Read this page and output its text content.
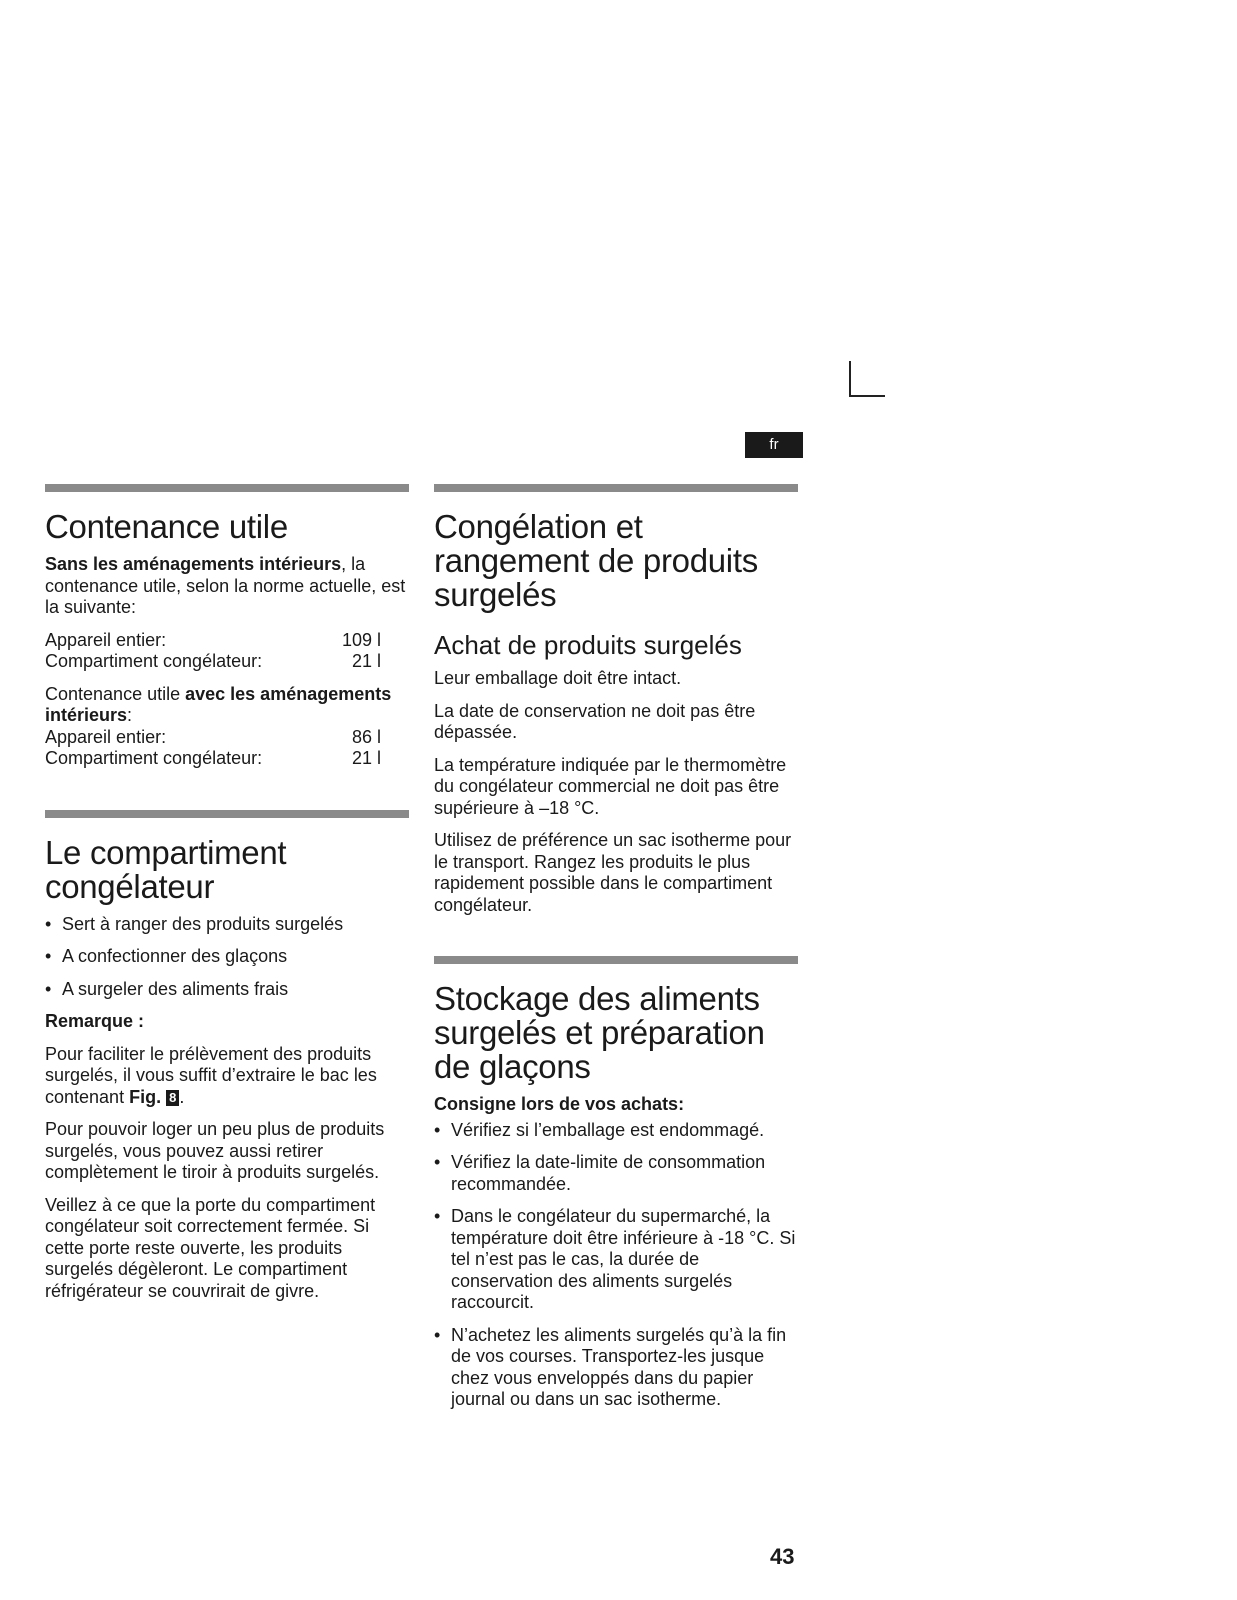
fr
Contenance utile

Sans les aménagements intérieurs, la contenance utile, selon la norme actuelle, est la suivante:

Appareil entier:	109 l
Compartiment congélateur:	21 l
Contenance utile avec les aménagements intérieurs:
Appareil entier:	86 l
Compartiment congélateur:	21 l
Le compartiment congélateur
• Sert à ranger des produits surgelés
• A confectionner des glaçons
• A surgeler des aliments frais

Remarque :

Pour faciliter le prélèvement des produits surgelés, il vous suffit d’extraire le bac les contenant Fig. 8 .

Pour pouvoir loger un peu plus de produits surgelés, vous pouvez aussi retirer complètement le tiroir à produits surgelés.

Veillez à ce que la porte du compartiment congélateur soit correctement fermée. Si cette porte reste ouverte, les produits surgelés dégèleront. Le compartiment réfrigérateur se couvrirait de givre.

Congélation et rangement de produits surgelés
Achat de produits surgelés

Leur emballage doit être intact.

La date de conservation ne doit pas être dépassée.

La température indiquée par le thermomètre du congélateur commercial ne doit pas être supérieure à –18 °C.

Utilisez de préférence un sac isotherme pour le transport. Rangez les produits le plus rapidement possible dans le compartiment congélateur.

Stockage des aliments surgelés et préparation de glaçons

Consigne lors de vos achats:

• Vérifiez si l’emballage est endommagé.
• Vérifiez la date-limite de consommation recommandée.
• Dans le congélateur du supermarché, la température doit être inférieure à -18 °C. Si tel n’est pas le cas, la durée de conservation des aliments surgelés raccourcit.
• N’achetez les aliments surgelés qu’à la fin de vos courses. Transportez-les jusque chez vous enveloppés dans du papier journal ou dans un sac isotherme.
43
